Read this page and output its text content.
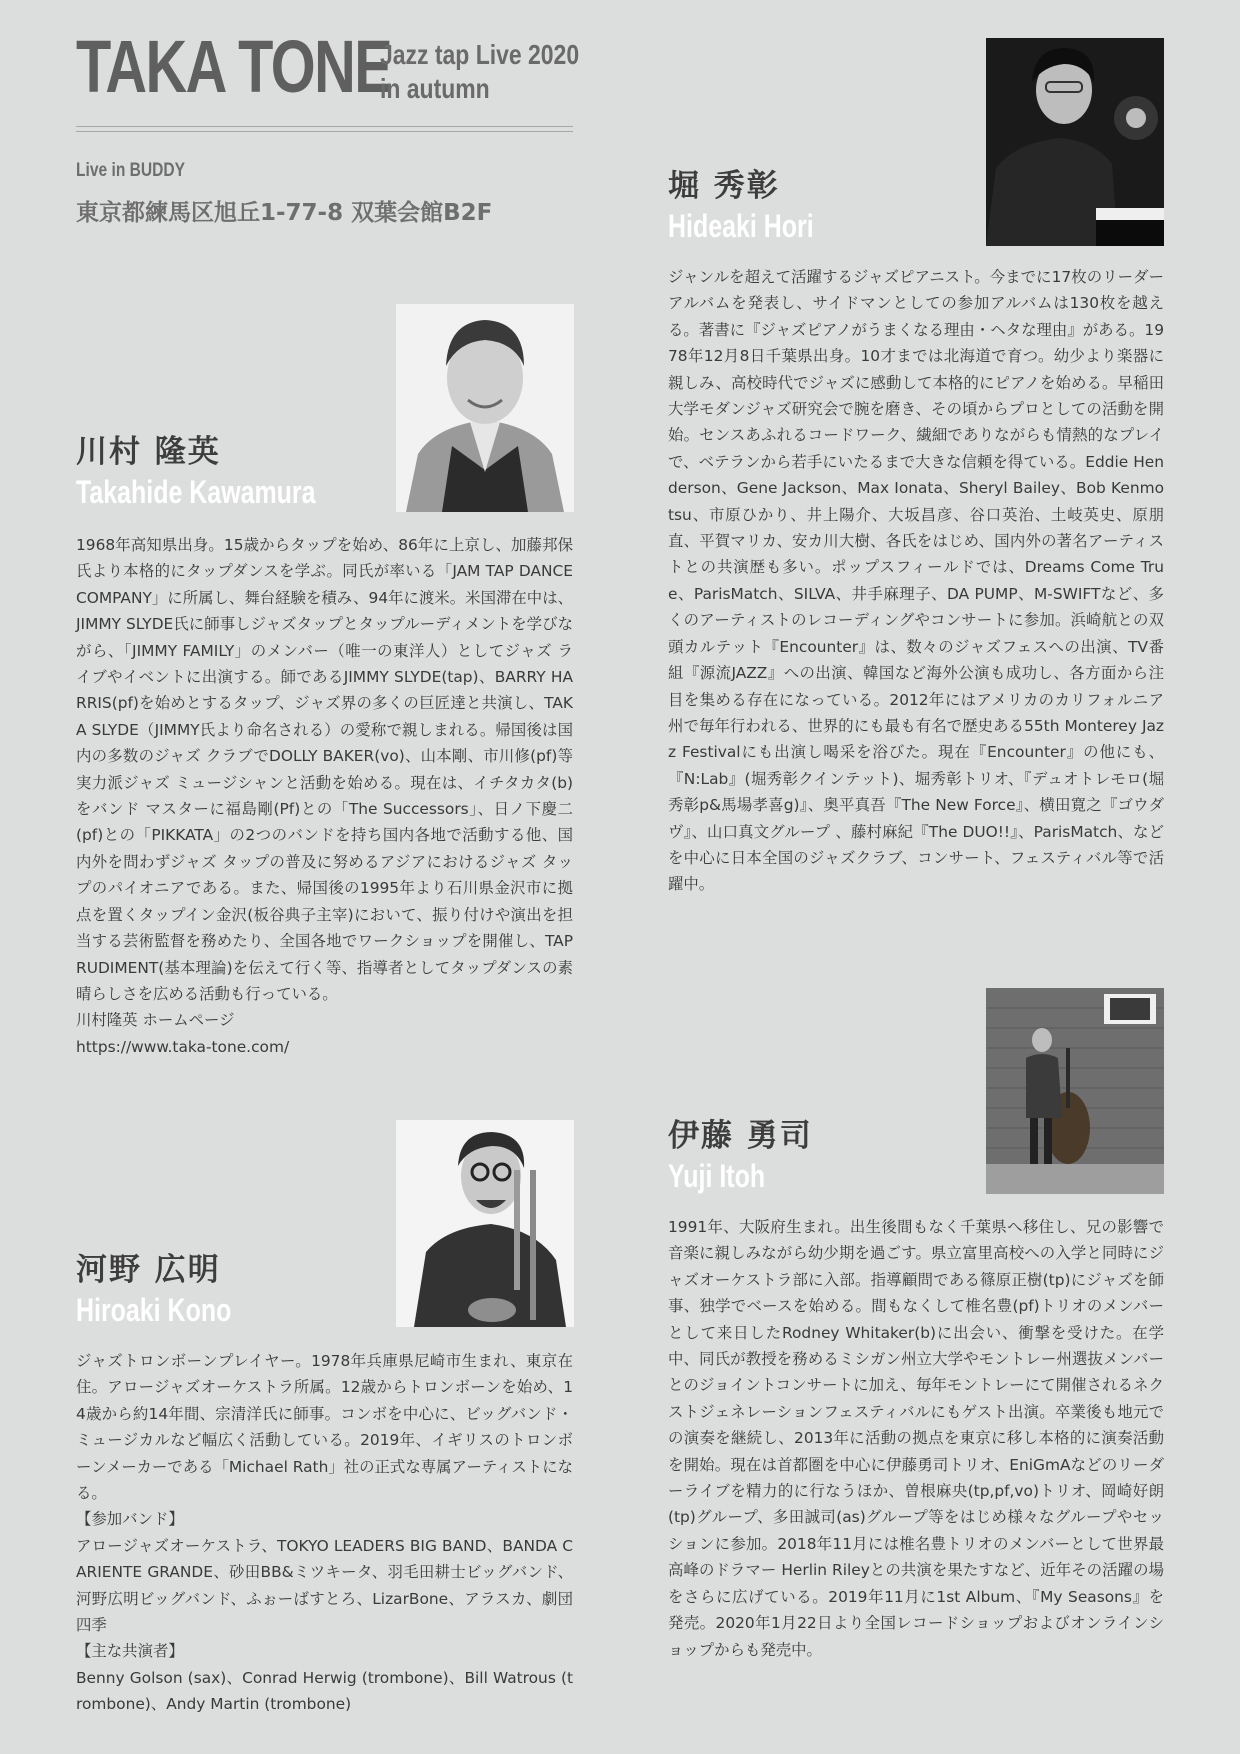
TAKA TONE
Jazz tap Live 2020
in autumn
Live in BUDDY
東京都練馬区旭丘1-77-8 双葉会館B2F
川村 隆英
Takahide Kawamura
1968年高知県出身。15歳からタップを始め、86年に上京し、加藤邦保氏より本格的にタップダンスを学ぶ。同氏が率いる「JAM TAP DANCE COMPANY」に所属し、舞台経験を積み、94年に渡米。米国滞在中は、JIMMY SLYDE氏に師事しジャズタップとタップルーディメントを学びながら、「JIMMY FAMILY」のメンバー（唯一の東洋人）としてジャズ ライブやイベントに出演する。師であるJIMMY SLYDE(tap)、BARRY HARRIS(pf)を始めとするタップ、ジャズ界の多くの巨匠達と共演し、TAKA SLYDE（JIMMY氏より命名される）の愛称で親しまれる。帰国後は国内の多数のジャズ クラブでDOLLY BAKER(vo)、山本剛、市川修(pf)等実力派ジャズ ミュージシャンと活動を始める。現在は、イチタカタ(b)をバンド マスターに福島剛(Pf)との「The Successors」、日ノ下慶二(pf)との「PIKKATA」の2つのバンドを持ち国内各地で活動する他、国内外を問わずジャズ タップの普及に努めるアジアにおけるジャズ タップのパイオニアである。また、帰国後の1995年より石川県金沢市に拠点を置くタップイン金沢(板谷典子主宰)において、振り付けや演出を担当する芸術監督を務めたり、全国各地でワークショップを開催し、TAP RUDIMENT(基本理論)を伝えて行く等、指導者としてタップダンスの素晴らしさを広める活動も行っている。
川村隆英 ホームページ
https://www.taka-tone.com/
河野 広明
Hiroaki Kono
ジャズトロンボーンプレイヤー。1978年兵庫県尼崎市生まれ、東京在住。アロージャズオーケストラ所属。12歳からトロンボーンを始め、14歳から約14年間、宗清洋氏に師事。コンボを中心に、ビッグバンド・ミュージカルなど幅広く活動している。2019年、イギリスのトロンボーンメーカーである「Michael Rath」社の正式な専属アーティストになる。
【参加バンド】
アロージャズオーケストラ、TOKYO LEADERS BIG BAND、BANDA CARIENTE GRANDE、砂田BB&ミツキータ、羽毛田耕士ビッグバンド、河野広明ビッグバンド、ふぉーばすとろ、LizarBone、アラスカ、劇団四季
【主な共演者】
Benny Golson (sax)、Conrad Herwig (trombone)、Bill Watrous (trombone)、Andy Martin (trombone)
堀 秀彰
Hideaki Hori
ジャンルを超えて活躍するジャズピアニスト。今までに17枚のリーダーアルバムを発表し、サイドマンとしての参加アルバムは130枚を越える。著書に『ジャズピアノがうまくなる理由・ヘタな理由』がある。1978年12月8日千葉県出身。10才までは北海道で育つ。幼少より楽器に親しみ、高校時代でジャズに感動して本格的にピアノを始める。早稲田大学モダンジャズ研究会で腕を磨き、その頃からプロとしての活動を開始。センスあふれるコードワーク、繊細でありながらも情熱的なプレイで、ベテランから若手にいたるまで大きな信頼を得ている。Eddie Henderson、Gene Jackson、Max Ionata、Sheryl Bailey、Bob Kenmotsu、市原ひかり、井上陽介、大坂昌彦、谷口英治、土岐英史、原朋直、平賀マリカ、安カ川大樹、各氏をはじめ、国内外の著名アーティストとの共演歴も多い。ポップスフィールドでは、Dreams Come True、ParisMatch、SILVA、井手麻理子、DA PUMP、M-SWIFTなど、多くのアーティストのレコーディングやコンサートに参加。浜崎航との双頭カルテット『Encounter』は、数々のジャズフェスへの出演、TV番組『源流JAZZ』への出演、韓国など海外公演も成功し、各方面から注目を集める存在になっている。2012年にはアメリカのカリフォルニア州で毎年行われる、世界的にも最も有名で歴史ある55th Monterey Jazz Festivalにも出演し喝采を浴びた。現在『Encounter』の他にも、『N:Lab』(堀秀彰クインテット)、堀秀彰トリオ、『デュオトレモロ(堀秀彰p&馬場孝喜g)』、奥平真吾『The New Force』、横田寛之『ゴウダヴ』、山口真文グループ 、藤村麻紀『The DUO!!』、ParisMatch、などを中心に日本全国のジャズクラブ、コンサート、フェスティバル等で活躍中。
伊藤 勇司
Yuji Itoh
1991年、大阪府生まれ。出生後間もなく千葉県へ移住し、兄の影響で音楽に親しみながら幼少期を過ごす。県立富里高校への入学と同時にジャズオーケストラ部に入部。指導顧問である篠原正樹(tp)にジャズを師事、独学でベースを始める。間もなくして椎名豊(pf)トリオのメンバーとして来日したRodney Whitaker(b)に出会い、衝撃を受けた。在学中、同氏が教授を務めるミシガン州立大学やモントレー州選抜メンバーとのジョイントコンサートに加え、毎年モントレーにて開催されるネクストジェネレーションフェスティバルにもゲスト出演。卒業後も地元での演奏を継続し、2013年に活動の拠点を東京に移し本格的に演奏活動を開始。現在は首都圏を中心に伊藤勇司トリオ、EniGmAなどのリーダーライブを精力的に行なうほか、曽根麻央(tp,pf,vo)トリオ、岡崎好朗(tp)グループ、多田誠司(as)グループ等をはじめ様々なグループやセッションに参加。2018年11月には椎名豊トリオのメンバーとして世界最高峰のドラマー Herlin Rileyとの共演を果たすなど、近年その活躍の場をさらに広げている。2019年11月に1st Album、『My Seasons』を発売。2020年1月22日より全国レコードショップおよびオンラインショップからも発売中。
